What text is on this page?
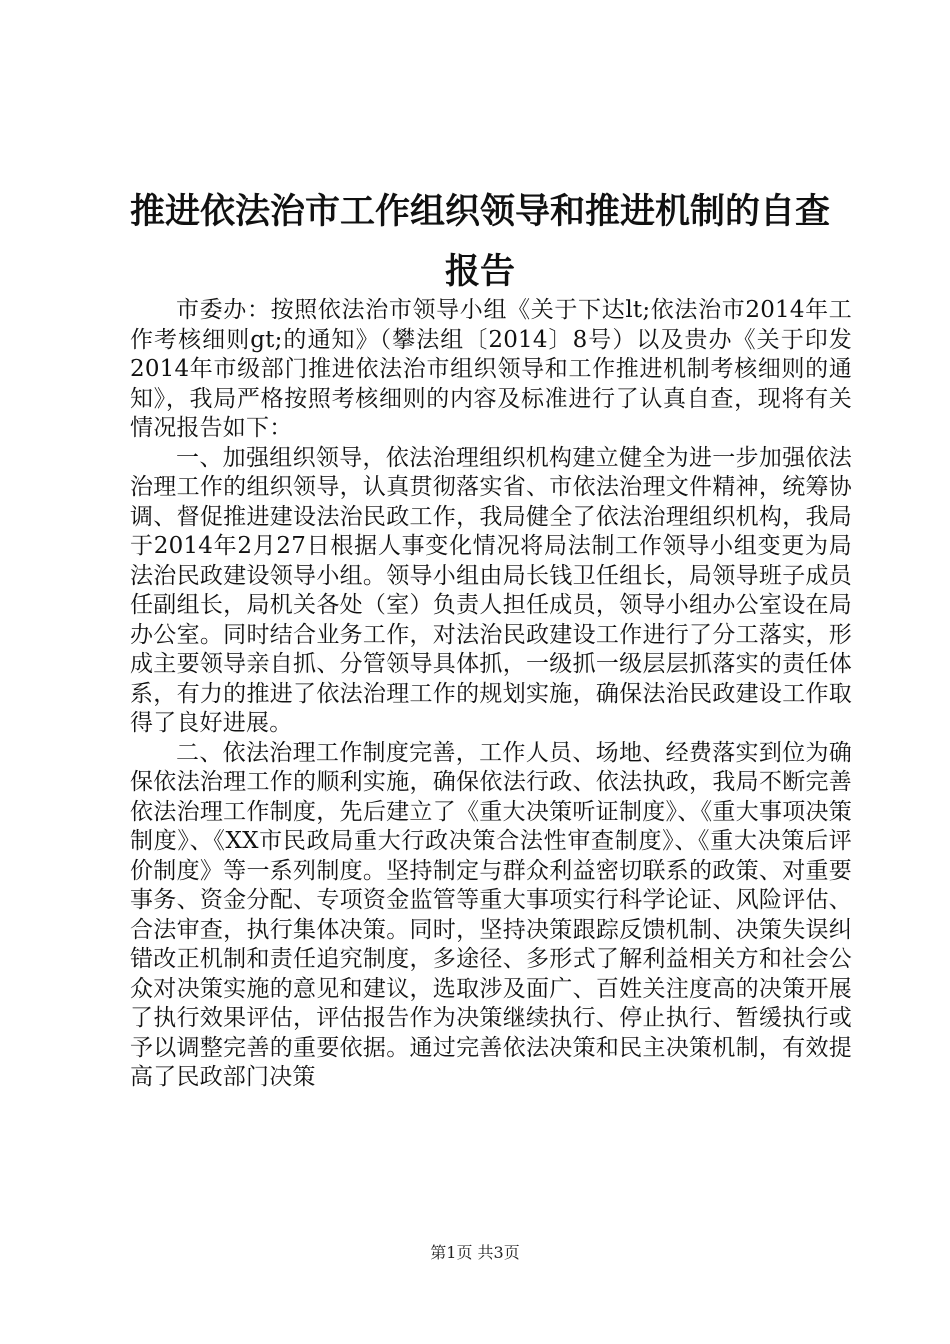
推进依法治市工作组织领导和推进机制的自查
报告

市委办：按照依法治市领导小组《关于下达lt;依法治市2014年工作考核细则gt;的通知》（攀法组〔2014〕8号）以及贵办《关于印发2014年市级部门推进依法治市组织领导和工作推进机制考核细则的通知》，我局严格按照考核细则的内容及标准进行了认真自查，现将有关情况报告如下：

一、加强组织领导，依法治理组织机构建立健全为进一步加强依法治理工作的组织领导，认真贯彻落实省、市依法治理文件精神，统筹协调、督促推进建设法治民政工作，我局健全了依法治理组织机构，我局于2014年2月27日根据人事变化情况将局法制工作领导小组变更为局法治民政建设领导小组。领导小组由局长钱卫任组长，局领导班子成员任副组长，局机关各处（室）负责人担任成员，领导小组办公室设在局办公室。同时结合业务工作，对法治民政建设工作进行了分工落实，形成主要领导亲自抓、分管领导具体抓，一级抓一级层层抓落实的责任体系，有力的推进了依法治理工作的规划实施，确保法治民政建设工作取得了良好进展。

二、依法治理工作制度完善，工作人员、场地、经费落实到位为确保依法治理工作的顺利实施，确保依法行政、依法执政，我局不断完善依法治理工作制度，先后建立了《重大决策听证制度》、《重大事项决策制度》、《XX市民政局重大行政决策合法性审查制度》、《重大决策后评价制度》等一系列制度。坚持制定与群众利益密切联系的政策、对重要事务、资金分配、专项资金监管等重大事项实行科学论证、风险评估、合法审查，执行集体决策。同时，坚持决策跟踪反馈机制、决策失误纠错改正机制和责任追究制度，多途径、多形式了解利益相关方和社会公众对决策实施的意见和建议，选取涉及面广、百姓关注度高的决策开展了执行效果评估，评估报告作为决策继续执行、停止执行、暂缓执行或予以调整完善的重要依据。通过完善依法决策和民主决策机制，有效提高了民政部门决策

第1页 共3页
